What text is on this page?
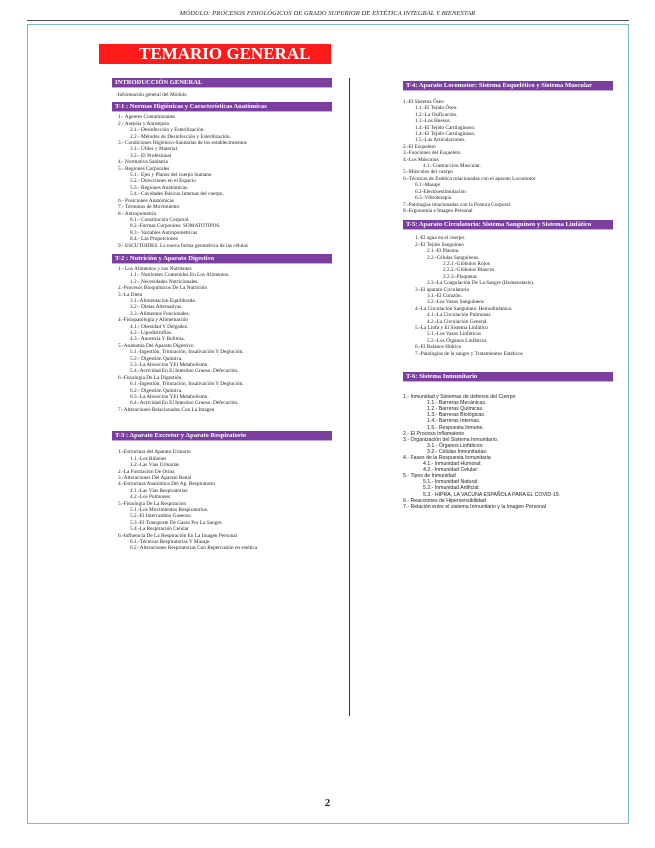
MÓDULO: PROCESOS FISIOLÓGICOS DE GRADO SUPERIOR DE ESTÉTICA INTEGRAL Y BIENESTAR
TEMARIO GENERAL
INTRODUCCIÓN GENERAL
-Información general del Módulo
T-1 : Normas Higiénicas y Características Anatómicas
1.- Agentes Contaminantes
2.- Asepsia y Antisepsia
2.1.- Desinfección y Esterilización.
2.2.- Métodos de Desinfección y Esterilización.
3.- Condiciones Higiénico-Sanitarias de los establecimientos
3.1.- Útiles y Material.
3.2.- El Profesional
4.- Normativa Sanitaria
5.- Regiones Corporales
5.1.- Ejes y Planos del cuerpo humano
5.2.- Direcciones en el Espacio
5.3.- Regiones Anatómicas.
5.4.- Cavidades Básicas Internas del cuerpo.
6.- Posiciones Anatómicas
7.- Términos de Movimiento
8.- Antropometría
8.1.- Constitución Corporal.
8.2.-Formas Corporales: SOMATOTIPOS.
8.3.- Variables Antropométricas
8.4.- Las Proporciones
9.- ESCUTOIDES. La nueva forma geométrica de las células
T-2 : Nutrición y Aparato Digestivo
1.- Los Alimentos y sus Nutrientes
1.1.- Nutrientes Contenidos En Los Alimentos.
1.2.- Necesidades Nutricionales.
2.-Procesos Bioquímicos De La Nutrición
3.-La Dieta
3.1.-Alimentación Equilibrada.
3.2.- Dietas Alternativas.
3.3.-Alimentos Funcionales.
4.-Fisiopatología y Alimentación
4.1.- Obesidad Y Delgadez.
4.2.- Lipodistrofias.
4.3.- Anorexia Y Bulimia.
5.-Anatomía Del Aparato Digestivo
5.1.-Ingestión, Trituración, Insalivación Y Deglución.
5.2.- Digestión Química.
5.3.-La Absorción YEl Metabolismo.
5.4.-Actividad En El Intestino Grueso. Defecación.
6.-Fisiología De La Digestión.
6.1.-Ingestión, Trituración, Insalivación Y Deglución.
6.2.- Digestión Química.
6.3.-La Absorción YEl Metabolismo.
6.4.-Actividad En El Intestino Grueso. Defecación.
7.-Alteraciones Relacionadas Con La Imagen
T-3 : Aparato Excretor y Aparato Respiratorio
1.-Estructura del Aparato Urinario
1.1.-Los Riñones
1.2.-Las Vías Urinarias
2.-La Formación De Orina
3.-Alteraciones Del Aparato Renal
4.-Estructura Anatómica Del Ap. Respiratorio
4.1.-Las Vías Respiratorias
4.2.-Los Pulmones
5.-Fisiología De La Respiración
5.1.-Los Movimientos Respiratorios.
5.2.-El Intercambio Gaseoso.
5.3.-El Transporte De Gases Por La Sangre.
5.4.-La Respiración Celular
6.-Influencia De La Respiración En La Imagen Personal
6.1.-Técnicas Respiratorias Y Masaje.
6.2.-Alteraciones Respiratorias Con Repercusión en estética
T-4: Aparato Locomotor: Sistema Esquelético y Sistema Muscular
1.-El Sistema Óseo
1.1.-El Tejido Óseo.
1.2.-La Osificación.
1.3.-Los Huesos.
1.4.-El Tejido Cartilaginoso.
1.4.-El Tejido Cartilaginoso.
1.5.-Las Articulaciones.
2.-El Esqueleto
3.-Funciones del Esqueleto
4.-Los Músculos
4.1.-Contracción Muscular.
5.-Músculos del cuerpo
6.-Técnicas de Estética relacionadas con el aparato Locomotor
6.1.-Masaje
6.2-Electroestimulación
6.3.-Vibroterapia
7.-Patologías relacionadas con la Postura Corporal
8.-Ergonomía e Imagen Personal
T-5: Aparato Circulatorio: Sistema Sanguíneo y Sistema Linfático
1.-El agua en el cuerpo.
2.-El Tejido Sanguíneo
2.1.-El Plasma.
2.2.-Células Sanguíneas.
2.2.1.-Glóbulos Rojos
2.2.2.-Glóbulos Blancos
2.2.3.-Plaquetas
2.3.-La Coagulación De La Sangre (Homeostasis).
3.-El aparato Circulatorio
3.1.-El Corazón.
3.2.-Los Vasos Sanguíneos
4.-La Circulación Sanguínea: Hemodinámica.
4.1.-La Circulación Pulmonar.
4.2.-La Circulación General.
5.-La Linfa y El Sistema Linfático
5.1.-Los Vasos Linfáticos
5.2.-Los Órganos Linfáticos
6.-El Balance Hídrico
7.-Patologías de la sangre y Tratamientos Estéticos
T-6: Sistema Inmunitario
1.- Inmunidad y Sistemas de defensa del Cuerpo
1.1.- Barreras Mecánicas.
1.2.- Barreras Químicas.
1.3.- Barreras Biológicas.
1.4.- Barreras Internas.
1.5.- Respuesta Inmune.
2.- El Proceso Inflamatorio
3.- Organización del Sistema Inmunitario.
3.1.- Órganos Linfáticos:
3.2.- Células Inmunitarias:
4.- Fases de la Respuesta Inmunitaria
4.1.- Inmunidad Humoral:
4.2.- Inmunidad Celular:
5.- Tipos de Inmunidad
5.1.- Inmunidad Natural:
5.2.- Inmunidad Artificial:
5.3.- HIPRA, LA VACUNA ESPAÑOLA PARA EL COVID-19.
6.- Reacciones de Hipersensibilidad
7.- Relación entre el sistema Inmunitario y la Imagen Personal
2
